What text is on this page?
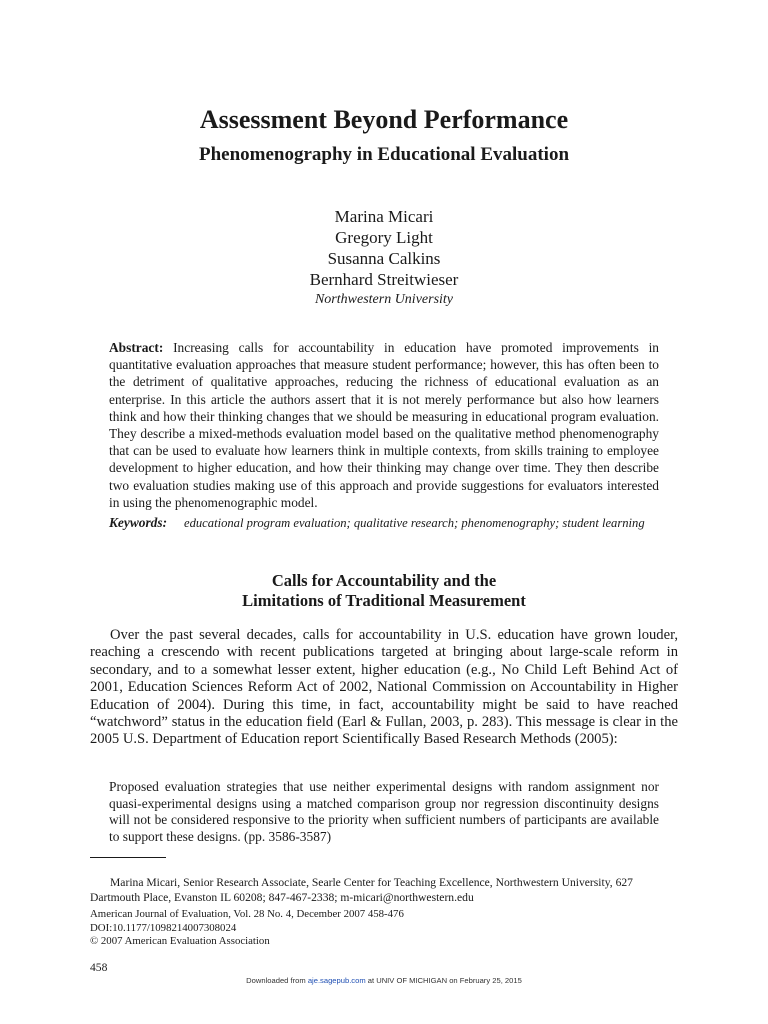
Assessment Beyond Performance
Phenomenography in Educational Evaluation
Marina Micari
Gregory Light
Susanna Calkins
Bernhard Streitwieser
Northwestern University
Abstract: Increasing calls for accountability in education have promoted improvements in quantitative evaluation approaches that measure student performance; however, this has often been to the detriment of qualitative approaches, reducing the richness of educational evaluation as an enterprise. In this article the authors assert that it is not merely performance but also how learners think and how their thinking changes that we should be measuring in educational program evaluation. They describe a mixed-methods evaluation model based on the qualitative method phenomenography that can be used to evaluate how learners think in multiple contexts, from skills training to employee development to higher education, and how their thinking may change over time. They then describe two evaluation studies making use of this approach and provide suggestions for evaluators interested in using the phenomenographic model.
Keywords: educational program evaluation; qualitative research; phenomenography; student learning
Calls for Accountability and the
Limitations of Traditional Measurement
Over the past several decades, calls for accountability in U.S. education have grown louder, reaching a crescendo with recent publications targeted at bringing about large-scale reform in secondary, and to a somewhat lesser extent, higher education (e.g., No Child Left Behind Act of 2001, Education Sciences Reform Act of 2002, National Commission on Accountability in Higher Education of 2004). During this time, in fact, accountability might be said to have reached “watchword” status in the education field (Earl & Fullan, 2003, p. 283). This message is clear in the 2005 U.S. Department of Education report Scientifically Based Research Methods (2005):
Proposed evaluation strategies that use neither experimental designs with random assignment nor quasi-experimental designs using a matched comparison group nor regression discontinuity designs will not be considered responsive to the priority when sufficient numbers of participants are available to support these designs. (pp. 3586-3587)
Marina Micari, Senior Research Associate, Searle Center for Teaching Excellence, Northwestern University, 627 Dartmouth Place, Evanston IL 60208; 847-467-2338; m-micari@northwestern.edu
American Journal of Evaluation, Vol. 28 No. 4, December 2007 458-476
DOI:10.1177/1098214007308024
© 2007 American Evaluation Association
458
Downloaded from aje.sagepub.com at UNIV OF MICHIGAN on February 25, 2015
